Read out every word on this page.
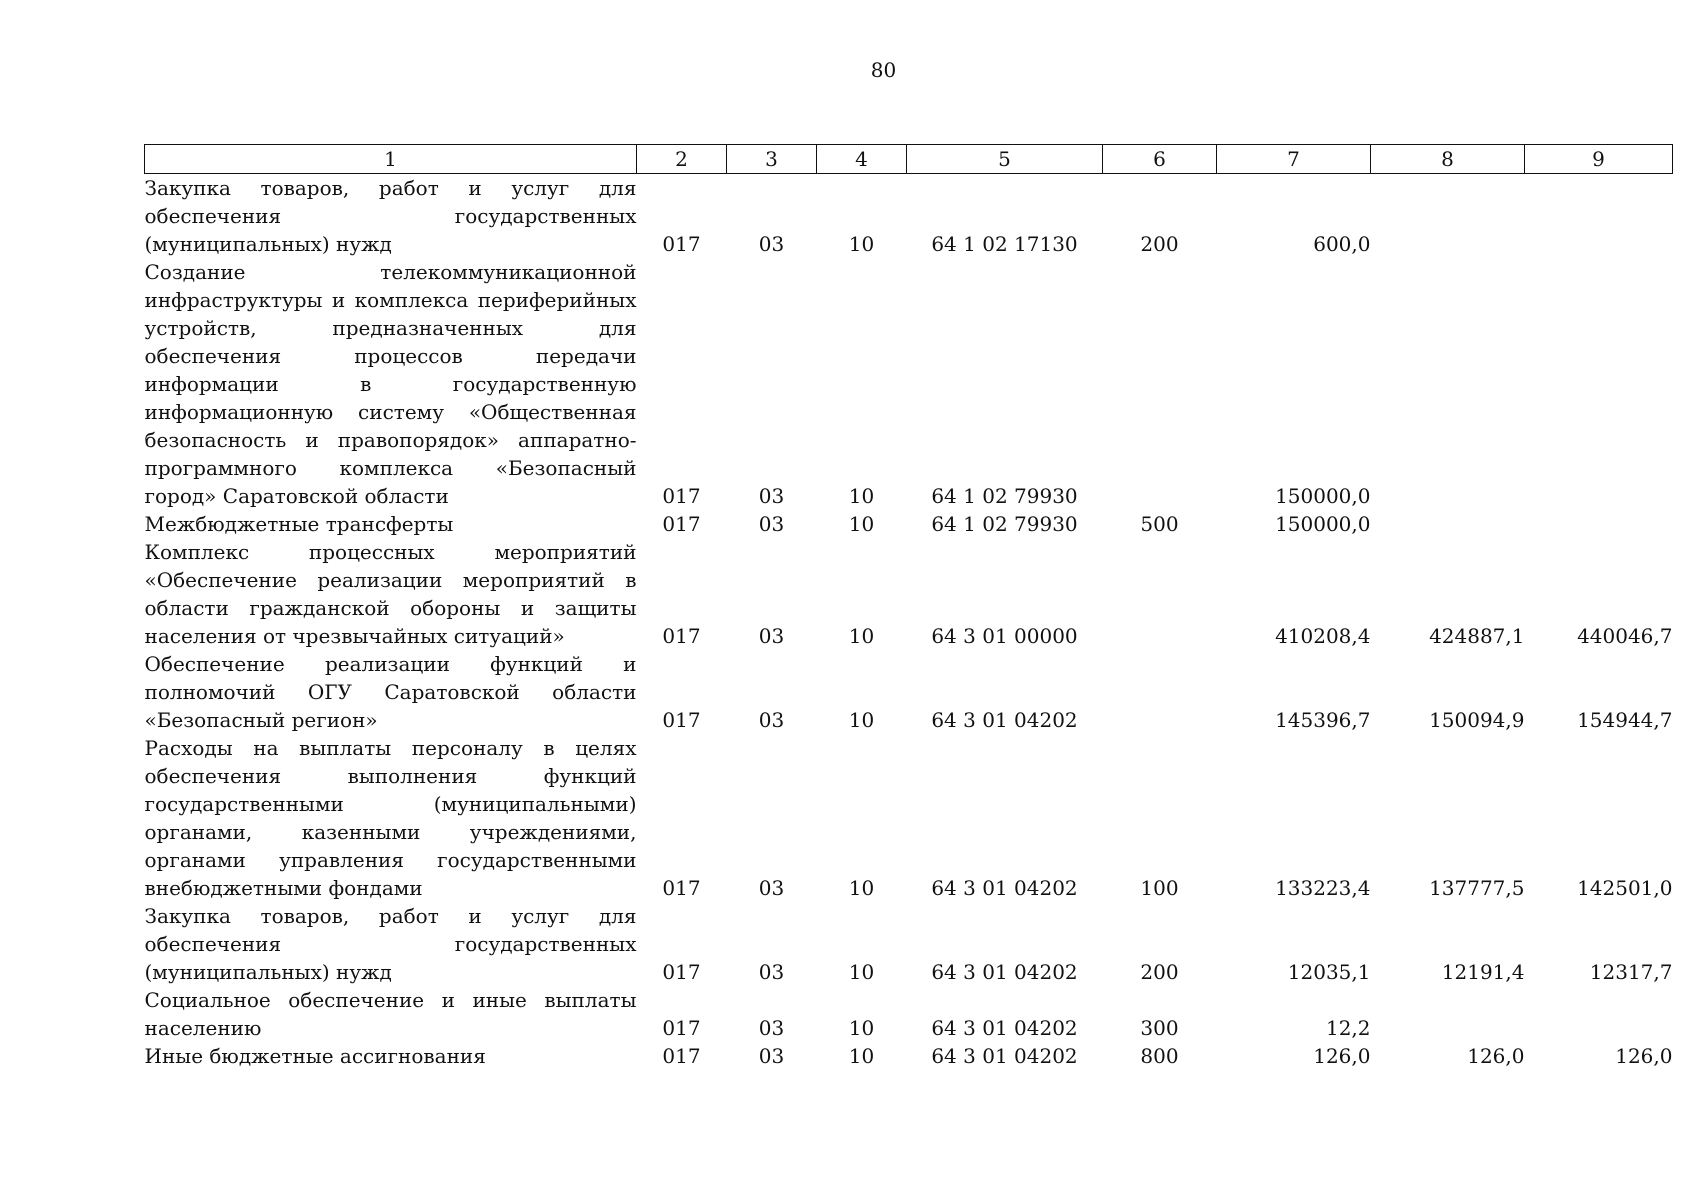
80
1	2	3	4	5	6	7	8	9
Закупка товаров, работ и услуг для обеспечения государственных (муниципальных) нужд	017	03	10	64 1 02 17130	200	600,0		
Создание телекоммуникационной инфраструктуры и комплекса периферийных устройств, предназначенных для обеспечения процессов передачи информации в государственную информационную систему «Общественная безопасность и правопорядок» аппаратно-программного комплекса «Безопасный город» Саратовской области	017	03	10	64 1 02 79930		150000,0		
Межбюджетные трансферты	017	03	10	64 1 02 79930	500	150000,0		
Комплекс процессных мероприятий «Обеспечение реализации мероприятий в области гражданской обороны и защиты населения от чрезвычайных ситуаций»	017	03	10	64 3 01 00000		410208,4	424887,1	440046,7
Обеспечение реализации функций и полномочий ОГУ Саратовской области «Безопасный регион»	017	03	10	64 3 01 04202		145396,7	150094,9	154944,7
Расходы на выплаты персоналу в целях обеспечения выполнения функций государственными (муниципальными) органами, казенными учреждениями, органами управления государственными внебюджетными фондами	017	03	10	64 3 01 04202	100	133223,4	137777,5	142501,0
Закупка товаров, работ и услуг для обеспечения государственных (муниципальных) нужд	017	03	10	64 3 01 04202	200	12035,1	12191,4	12317,7
Социальное обеспечение и иные выплаты населению	017	03	10	64 3 01 04202	300	12,2		
Иные бюджетные ассигнования	017	03	10	64 3 01 04202	800	126,0	126,0	126,0
